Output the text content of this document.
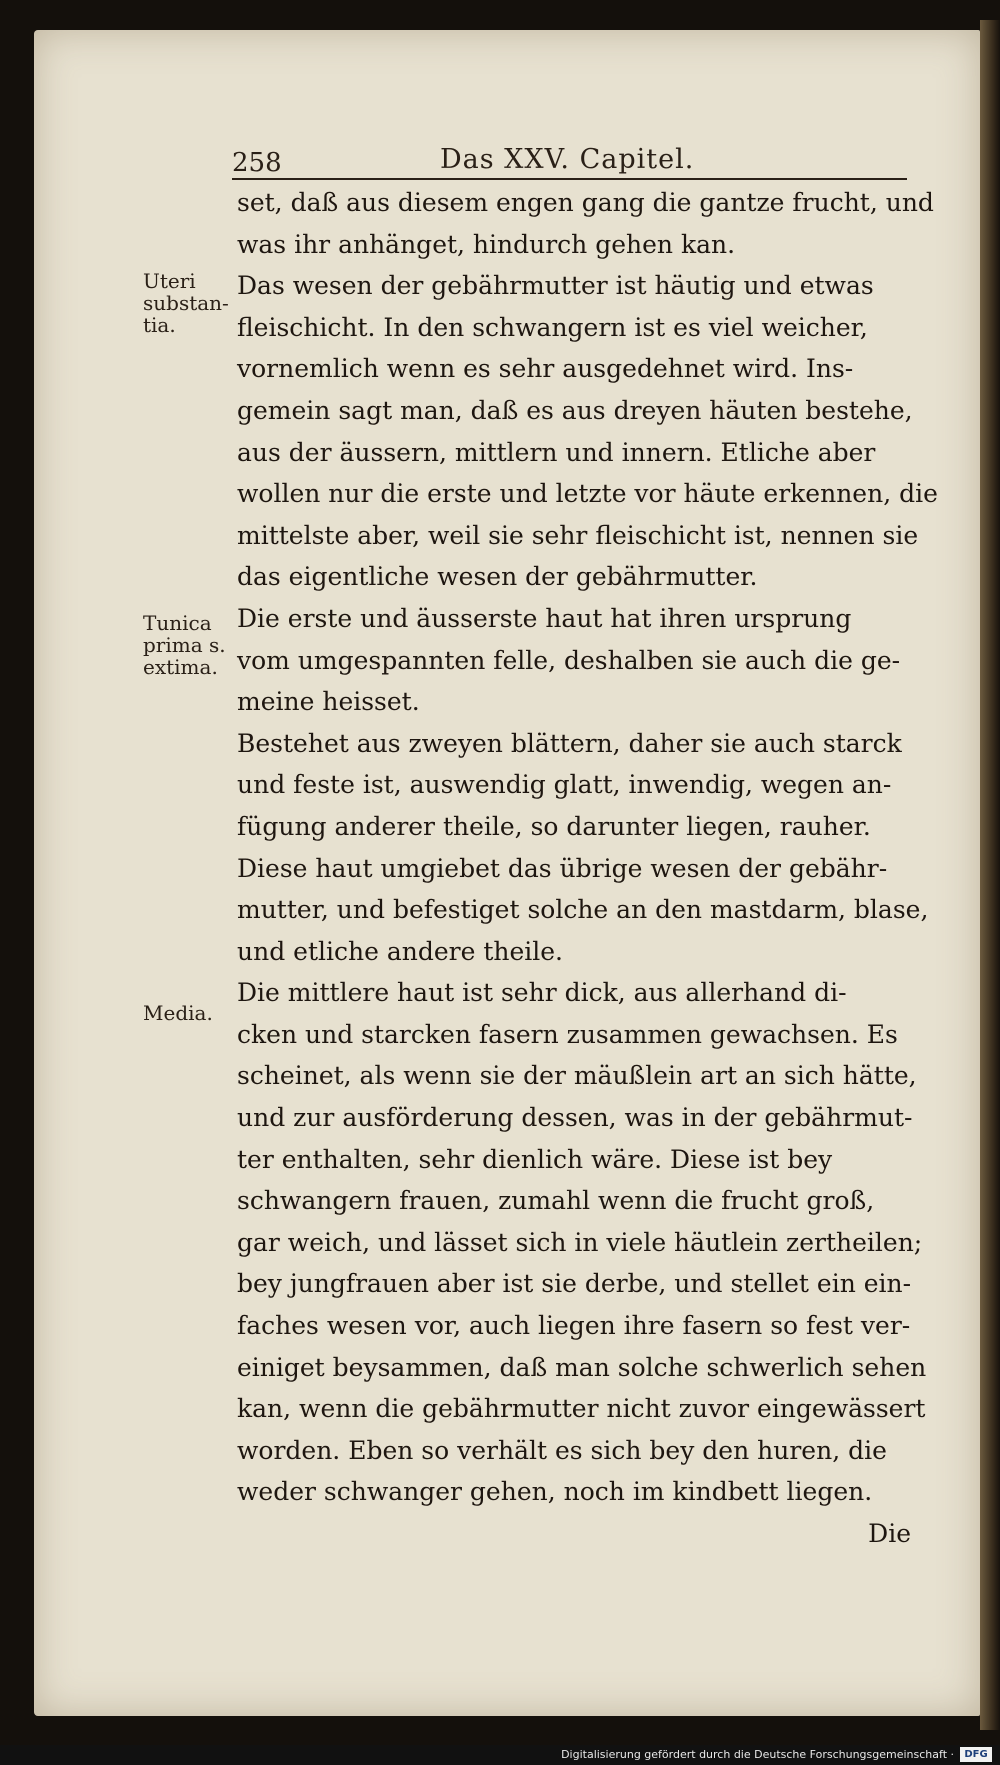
258	Das XXV. Capitel.
Uteri
substan-
tia.
Tunica
prima s.
extima.
Media.
set, daß aus diesem engen gang die gantze frucht, und
was ihr anhänget, hindurch gehen kan.
Das wesen der gebährmutter ist häutig und etwas
fleischicht. In den schwangern ist es viel weicher,
vornemlich wenn es sehr ausgedehnet wird. Ins-
gemein sagt man, daß es aus dreyen häuten bestehe,
aus der äussern, mittlern und innern. Etliche aber
wollen nur die erste und letzte vor häute erkennen, die
mittelste aber, weil sie sehr fleischicht ist, nennen sie
das eigentliche wesen der gebährmutter.
Die erste und äusserste haut hat ihren ursprung
vom umgespannten felle, deshalben sie auch die ge-
meine heisset.
Bestehet aus zweyen blättern, daher sie auch starck
und feste ist, auswendig glatt, inwendig, wegen an-
fügung anderer theile, so darunter liegen, rauher.
Diese haut umgiebet das übrige wesen der gebähr-
mutter, und befestiget solche an den mastdarm, blase,
und etliche andere theile.
Die mittlere haut ist sehr dick, aus allerhand di-
cken und starcken fasern zusammen gewachsen. Es
scheinet, als wenn sie der mäußlein art an sich hätte,
und zur ausförderung dessen, was in der gebährmut-
ter enthalten, sehr dienlich wäre. Diese ist bey
schwangern frauen, zumahl wenn die frucht groß,
gar weich, und lässet sich in viele häutlein zertheilen;
bey jungfrauen aber ist sie derbe, und stellet ein ein-
faches wesen vor, auch liegen ihre fasern so fest ver-
einiget beysammen, daß man solche schwerlich sehen
kan, wenn die gebährmutter nicht zuvor eingewässert
worden. Eben so verhält es sich bey den huren, die
weder schwanger gehen, noch im kindbett liegen.
Die
Digitalisierung gefördert durch die Deutsche Forschungsgemeinschaft ·	DFG
